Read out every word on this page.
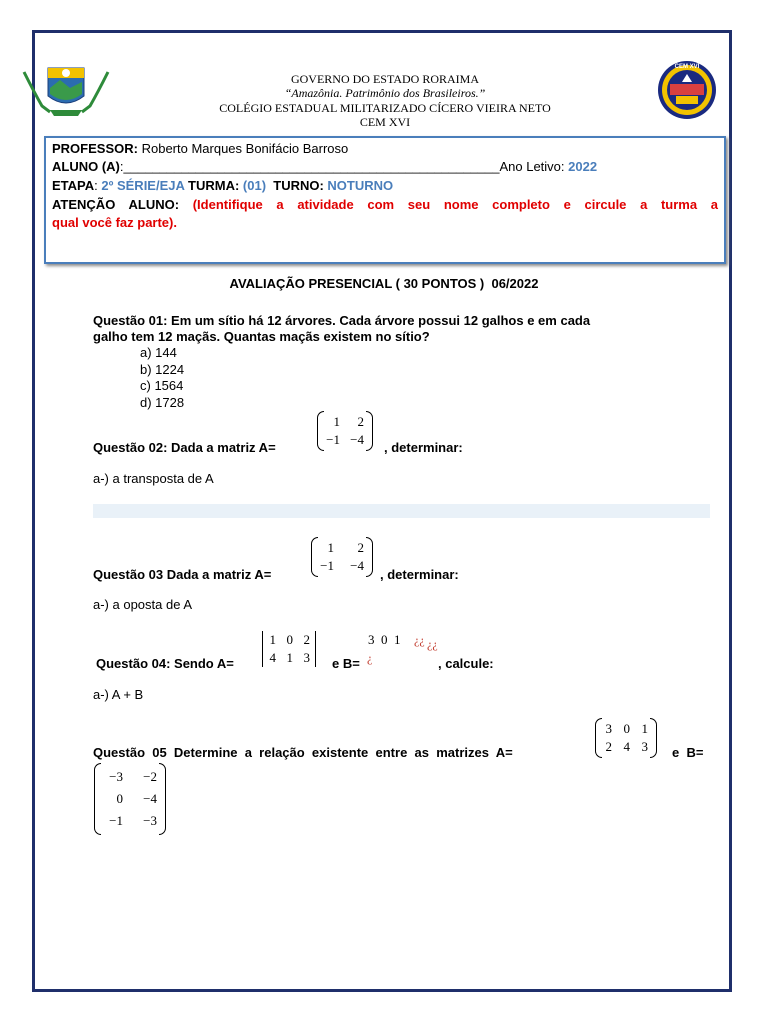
CEM XVI
GOVERNO DO ESTADO RORAIMA
“Amazônia. Patrimônio dos Brasileiros.”
COLÉGIO ESTADUAL MILITARIZADO CÍCERO VIEIRA NETO
CEM XVI
PROFESSOR: Roberto Marques Bonifácio Barroso
ALUNO (A):____________________________________________________Ano Letivo: 2022
ETAPA: 2º SÉRIE/EJA TURMA: (01)  TURNO: NOTURNO
ATENÇÃO ALUNO: (Identifique a atividade com seu nome completo e circule a turma a
qual você faz parte).
AVALIAÇÃO PRESENCIAL ( 30 PONTOS )  06/2022
Questão 01: Em um sítio há 12 árvores. Cada árvore possui 12 galhos e em cada
galho tem 12 maçãs. Quantas maçãs existem no sítio?
a) 144
b) 1224
c) 1564
d) 1728
Questão 02: Dada a matriz A=
1	2
−1 −4
, determinar:
a-) a transposta de A
Questão 03 Dada a matriz A=
1	2
−1	−4
, determinar:
a-) a oposta de A
Questão 04: Sendo A=
1 0 2
4 1 3 e B=
3  0  1 ¿¿ ¿¿
¿	, calcule:
a-) A + B
Questão  05  Determine  a  relação  existente  entre  as  matrizes  A=
3 0 1
2 4 3 e  B=
−3	−2
0	−4
−1	−3
